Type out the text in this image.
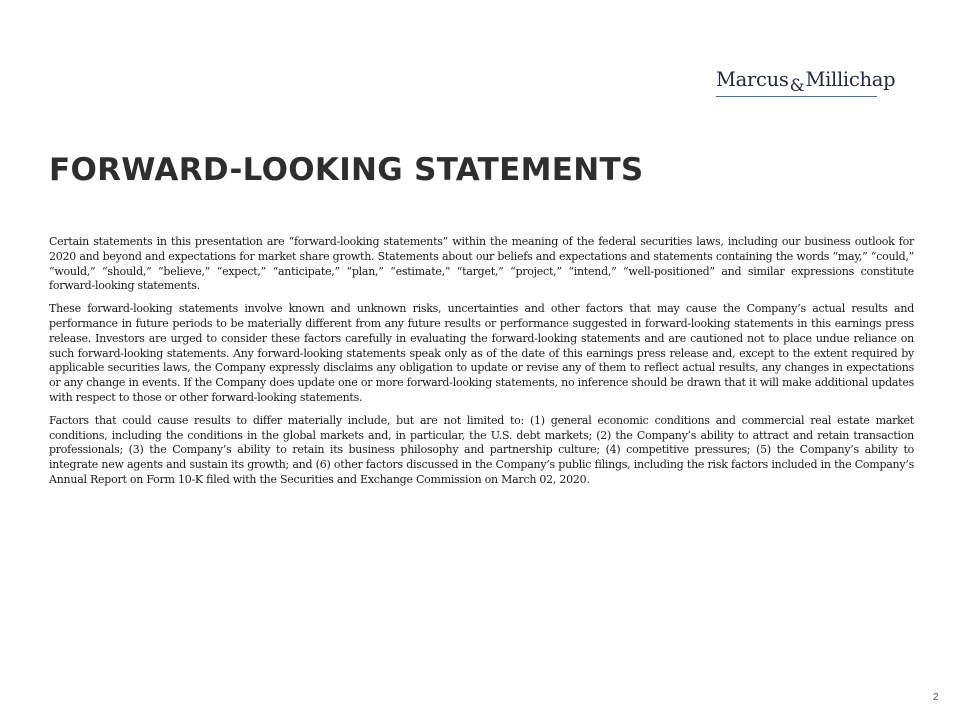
Marcus&Millichap
FORWARD-LOOKING STATEMENTS

Certain statements in this presentation are “forward-looking statements” within the meaning of the federal securities laws, including our business outlook for 2020 and beyond and expectations for market share growth. Statements about our beliefs and expectations and statements containing the words “may,” “could,” “would,” “should,” “believe,” “expect,” “anticipate,” “plan,” “estimate,” “target,” “project,” “intend,” “well-positioned” and similar expressions constitute forward-looking statements.

These forward-looking statements involve known and unknown risks, uncertainties and other factors that may cause the Company’s actual results and performance in future periods to be materially different from any future results or performance suggested in forward-looking statements in this earnings press release. Investors are urged to consider these factors carefully in evaluating the forward-looking statements and are cautioned not to place undue reliance on such forward-looking statements. Any forward-looking statements speak only as of the date of this earnings press release and, except to the extent required by applicable securities laws, the Company expressly disclaims any obligation to update or revise any of them to reflect actual results, any changes in expectations or any change in events. If the Company does update one or more forward-looking statements, no inference should be drawn that it will make additional updates with respect to those or other forward-looking statements.

Factors that could cause results to differ materially include, but are not limited to: (1) general economic conditions and commercial real estate market conditions, including the conditions in the global markets and, in particular, the U.S. debt markets; (2) the Company’s ability to attract and retain transaction professionals; (3) the Company’s ability to retain its business philosophy and partnership culture; (4) competitive pressures; (5) the Company’s ability to integrate new agents and sustain its growth; and (6) other factors discussed in the Company’s public filings, including the risk factors included in the Company’s Annual Report on Form 10-K filed with the Securities and Exchange Commission on March 02, 2020.

2
